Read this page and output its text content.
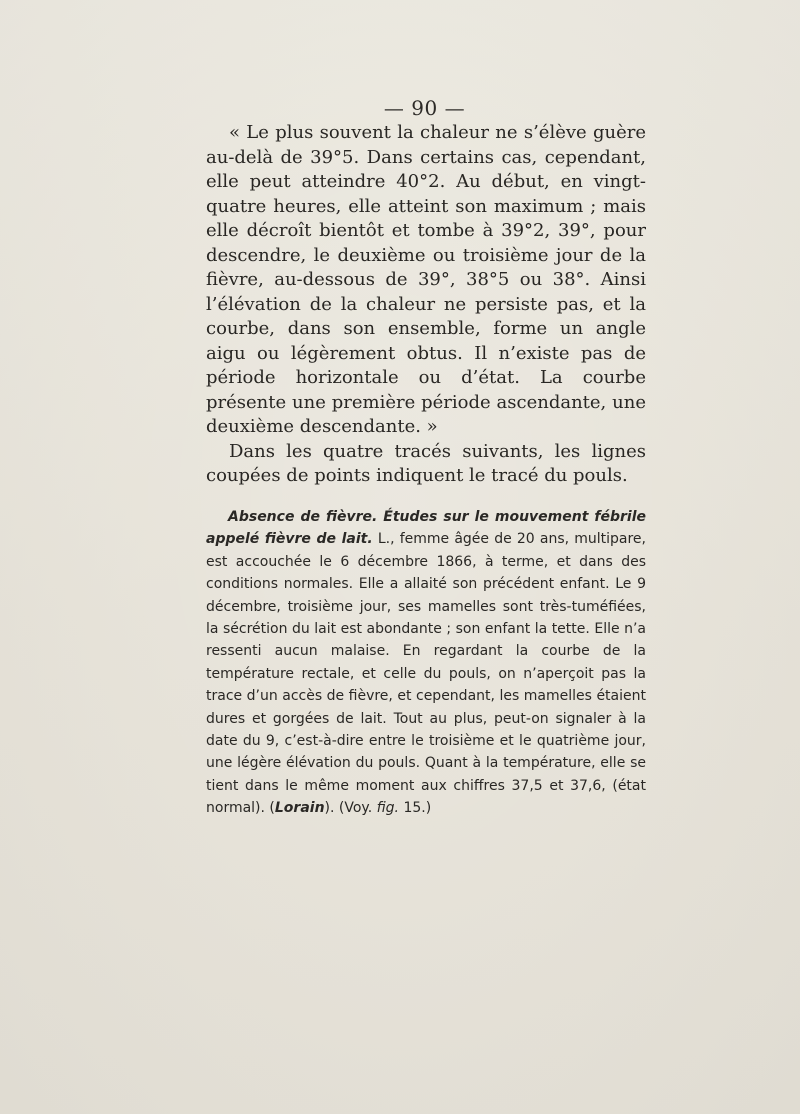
— 90 —

« Le plus souvent la chaleur ne s’élève guère au-delà de 39°5. Dans certains cas, cependant, elle peut atteindre 40°2. Au début, en vingt-quatre heures, elle atteint son maximum ; mais elle décroît bientôt et tombe à 39°2, 39°, pour descendre, le deuxième ou troisième jour de la fièvre, au-dessous de 39°, 38°5 ou 38°. Ainsi l’élévation de la chaleur ne persiste pas, et la courbe, dans son ensemble, forme un angle aigu ou légèrement obtus. Il n’existe pas de période horizontale ou d’état. La courbe présente une première période ascendante, une deuxième descendante. »

Dans les quatre tracés suivants, les lignes coupées de points indiquent le tracé du pouls.

Absence de fièvre. Études sur le mouvement fébrile appelé fièvre de lait. L., femme âgée de 20 ans, multipare, est accouchée le 6 décembre 1866, à terme, et dans des conditions normales. Elle a allaité son précédent enfant. Le 9 décembre, troisième jour, ses mamelles sont très-tuméfiées, la sécrétion du lait est abondante ; son enfant la tette. Elle n’a ressenti aucun malaise. En regardant la courbe de la température rectale, et celle du pouls, on n’aperçoit pas la trace d’un accès de fièvre, et cependant, les mamelles étaient dures et gorgées de lait. Tout au plus, peut-on signaler à la date du 9, c’est-à-dire entre le troisième et le quatrième jour, une légère élévation du pouls. Quant à la température, elle se tient dans le même moment aux chiffres 37,5 et 37,6, (état normal). (Lorain). (Voy. fig. 15.)
